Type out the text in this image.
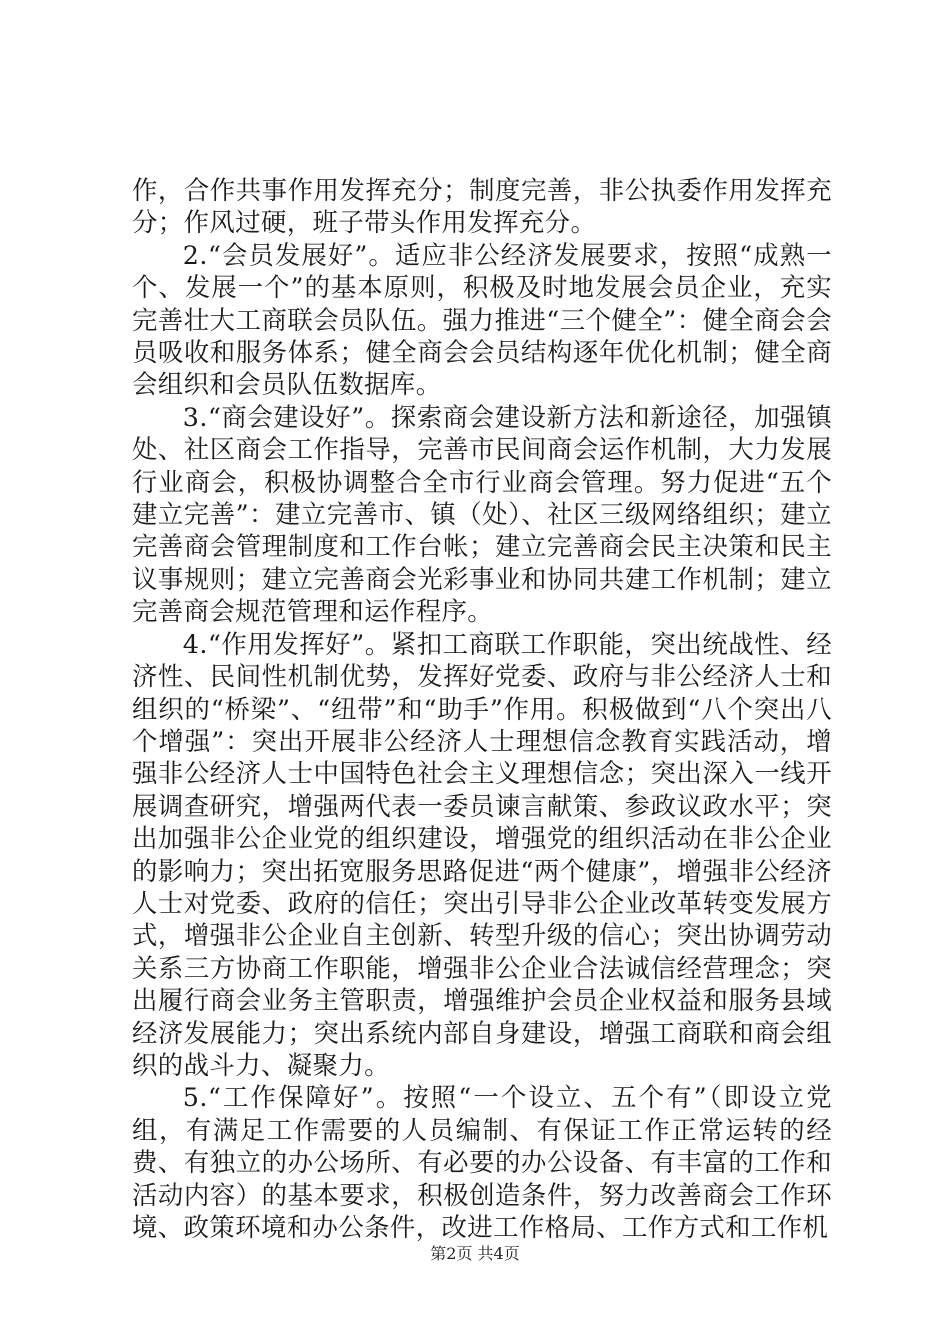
作，合作共事作用发挥充分；制度完善，非公执委作用发挥充分；作风过硬，班子带头作用发挥充分。

2.“会员发展好”。适应非公经济发展要求，按照“成熟一个、发展一个”的基本原则，积极及时地发展会员企业，充实完善壮大工商联会员队伍。强力推进“三个健全”：健全商会会员吸收和服务体系；健全商会会员结构逐年优化机制；健全商会组织和会员队伍数据库。

3.“商会建设好”。探索商会建设新方法和新途径，加强镇处、社区商会工作指导，完善市民间商会运作机制，大力发展行业商会，积极协调整合全市行业商会管理。努力促进“五个建立完善”：建立完善市、镇（处）、社区三级网络组织；建立完善商会管理制度和工作台帐；建立完善商会民主决策和民主议事规则；建立完善商会光彩事业和协同共建工作机制；建立完善商会规范管理和运作程序。

4.“作用发挥好”。紧扣工商联工作职能，突出统战性、经济性、民间性机制优势，发挥好党委、政府与非公经济人士和组织的“桥梁”、“纽带”和“助手”作用。积极做到“八个突出八个增强”：突出开展非公经济人士理想信念教育实践活动，增强非公经济人士中国特色社会主义理想信念；突出深入一线开展调查研究，增强两代表一委员谏言献策、参政议政水平；突出加强非公企业党的组织建设，增强党的组织活动在非公企业的影响力；突出拓宽服务思路促进“两个健康”，增强非公经济人士对党委、政府的信任；突出引导非公企业改革转变发展方式，增强非公企业自主创新、转型升级的信心；突出协调劳动关系三方协商工作职能，增强非公企业合法诚信经营理念；突出履行商会业务主管职责，增强维护会员企业权益和服务县域经济发展能力；突出系统内部自身建设，增强工商联和商会组织的战斗力、凝聚力。

5.“工作保障好”。按照“一个设立、五个有”（即设立党组，有满足工作需要的人员编制、有保证工作正常运转的经费、有独立的办公场所、有必要的办公设备、有丰富的工作和活动内容）的基本要求，积极创造条件，努力改善商会工作环境、政策环境和办公条件，改进工作格局、工作方式和工作机

第2页 共4页
